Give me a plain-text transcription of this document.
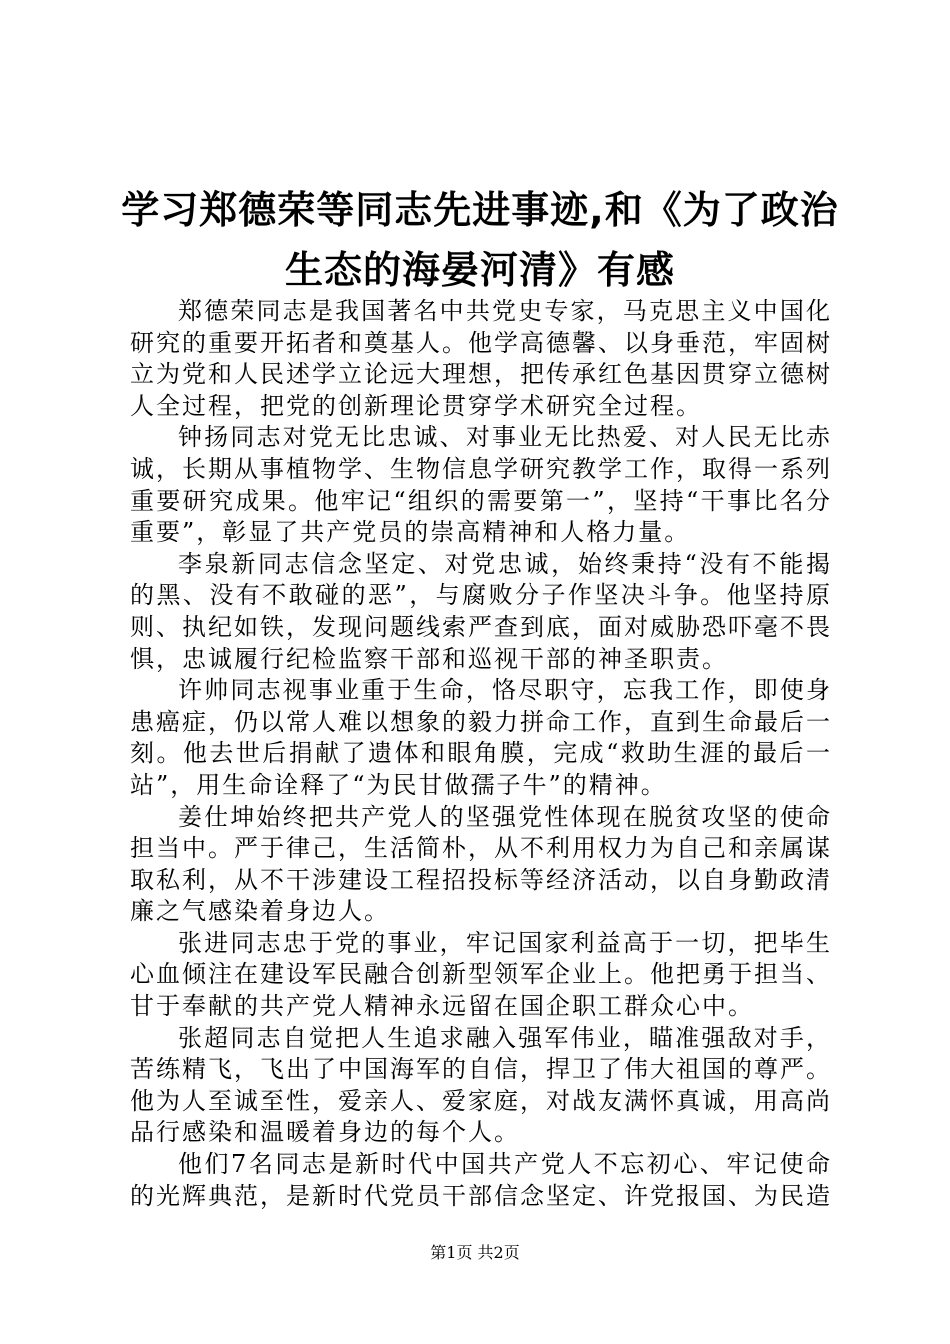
学习郑德荣等同志先进事迹,和《为了政治生态的海晏河清》有感

郑德荣同志是我国著名中共党史专家，马克思主义中国化研究的重要开拓者和奠基人。他学高德馨、以身垂范，牢固树立为党和人民述学立论远大理想，把传承红色基因贯穿立德树人全过程，把党的创新理论贯穿学术研究全过程。

钟扬同志对党无比忠诚、对事业无比热爱、对人民无比赤诚，长期从事植物学、生物信息学研究教学工作，取得一系列重要研究成果。他牢记“组织的需要第一”，坚持“干事比名分重要”，彰显了共产党员的崇高精神和人格力量。

李泉新同志信念坚定、对党忠诚，始终秉持“没有不能揭的黑、没有不敢碰的恶”，与腐败分子作坚决斗争。他坚持原则、执纪如铁，发现问题线索严查到底，面对威胁恐吓毫不畏惧，忠诚履行纪检监察干部和巡视干部的神圣职责。

许帅同志视事业重于生命，恪尽职守，忘我工作，即使身患癌症，仍以常人难以想象的毅力拼命工作，直到生命最后一刻。他去世后捐献了遗体和眼角膜，完成“救助生涯的最后一站”，用生命诠释了“为民甘做孺子牛”的精神。

姜仕坤始终把共产党人的坚强党性体现在脱贫攻坚的使命担当中。严于律己，生活简朴，从不利用权力为自己和亲属谋取私利，从不干涉建设工程招投标等经济活动，以自身勤政清廉之气感染着身边人。

张进同志忠于党的事业，牢记国家利益高于一切，把毕生心血倾注在建设军民融合创新型领军企业上。他把勇于担当、甘于奉献的共产党人精神永远留在国企职工群众心中。

张超同志自觉把人生追求融入强军伟业，瞄准强敌对手，苦练精飞，飞出了中国海军的自信，捍卫了伟大祖国的尊严。他为人至诚至性，爱亲人、爱家庭，对战友满怀真诚，用高尚品行感染和温暖着身边的每个人。

他们7名同志是新时代中国共产党人不忘初心、牢记使命的光辉典范，是新时代党员干部信念坚定、许党报国、为民造

第1页 共2页
